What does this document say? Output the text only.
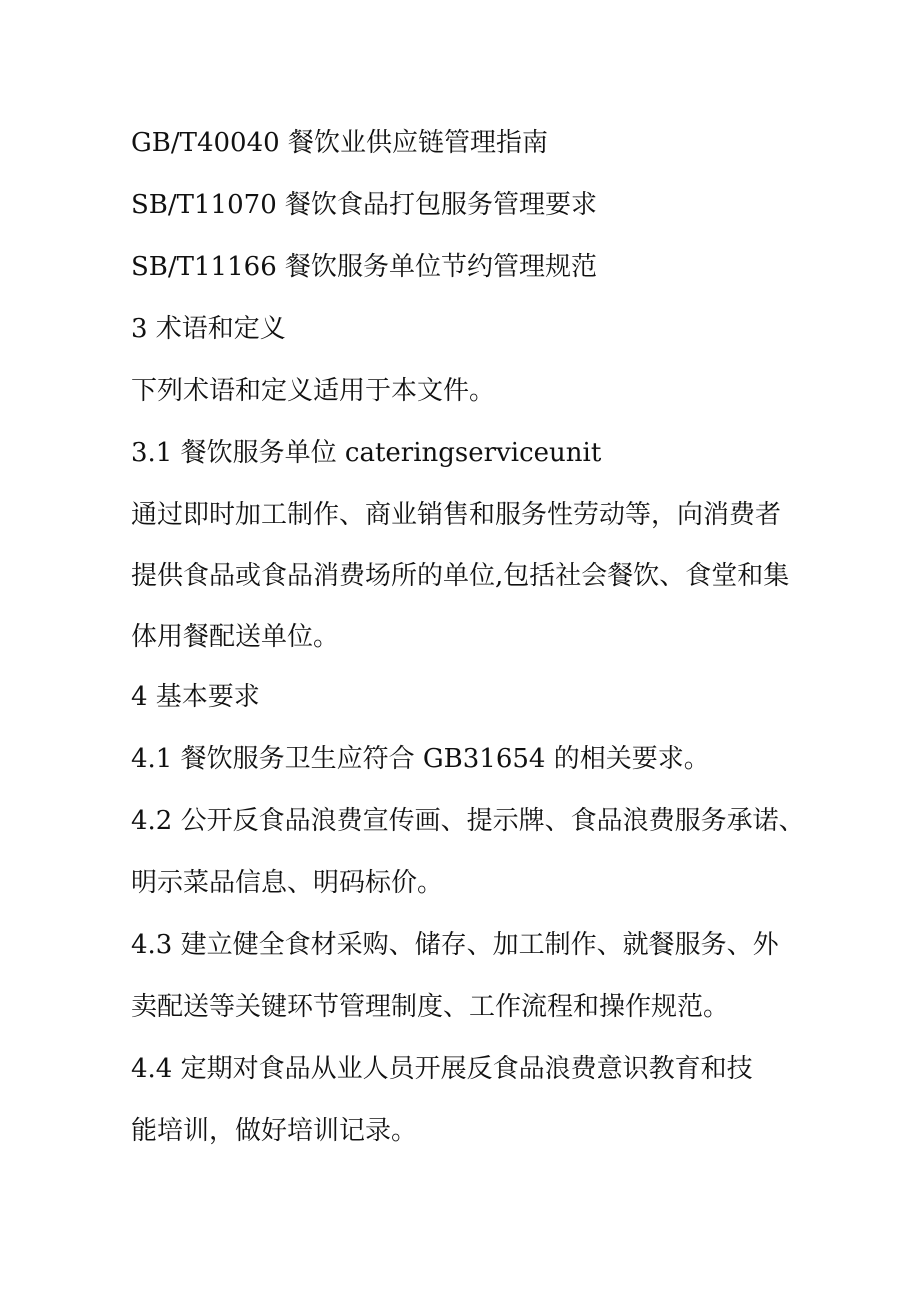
GB/T40040 餐饮业供应链管理指南
SB/T11070 餐饮食品打包服务管理要求
SB/T11166 餐饮服务单位节约管理规范
3 术语和定义
下列术语和定义适用于本文件。
3.1 餐饮服务单位 cateringserviceunit
通过即时加工制作、商业销售和服务性劳动等，向消费者
提供食品或食品消费场所的单位,包括社会餐饮、食堂和集
体用餐配送单位。
4 基本要求
4.1 餐饮服务卫生应符合 GB31654 的相关要求。
4.2 公开反食品浪费宣传画、提示牌、食品浪费服务承诺、
明示菜品信息、明码标价。
4.3 建立健全食材采购、储存、加工制作、就餐服务、外
卖配送等关键环节管理制度、工作流程和操作规范。
4.4 定期对食品从业人员开展反食品浪费意识教育和技
能培训，做好培训记录。
